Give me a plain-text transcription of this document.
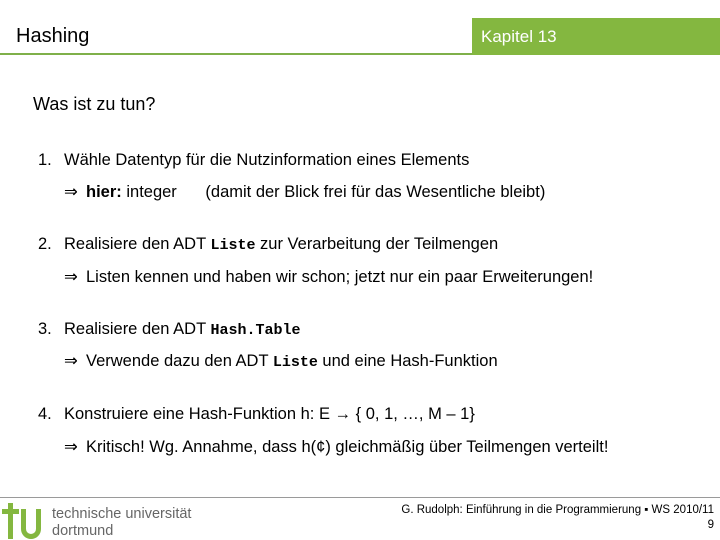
Hashing	Kapitel 13
Was ist zu tun?
1. Wähle Datentyp für die Nutzinformation eines Elements
⇒ hier: integer (damit der Blick frei für das Wesentliche bleibt)
2. Realisiere den ADT Liste zur Verarbeitung der Teilmengen
⇒ Listen kennen und haben wir schon; jetzt nur ein paar Erweiterungen!
3. Realisiere den ADT Hash.Table
⇒ Verwende dazu den ADT Liste und eine Hash-Funktion
4. Konstruiere eine Hash-Funktion h: E → { 0, 1, …, M – 1}
⇒ Kritisch! Wg. Annahme, dass h(¢) gleichmäßig über Teilmengen verteilt!
technische universität
dortmund
G. Rudolph: Einführung in die Programmierung ▪ WS 2010/11
9
